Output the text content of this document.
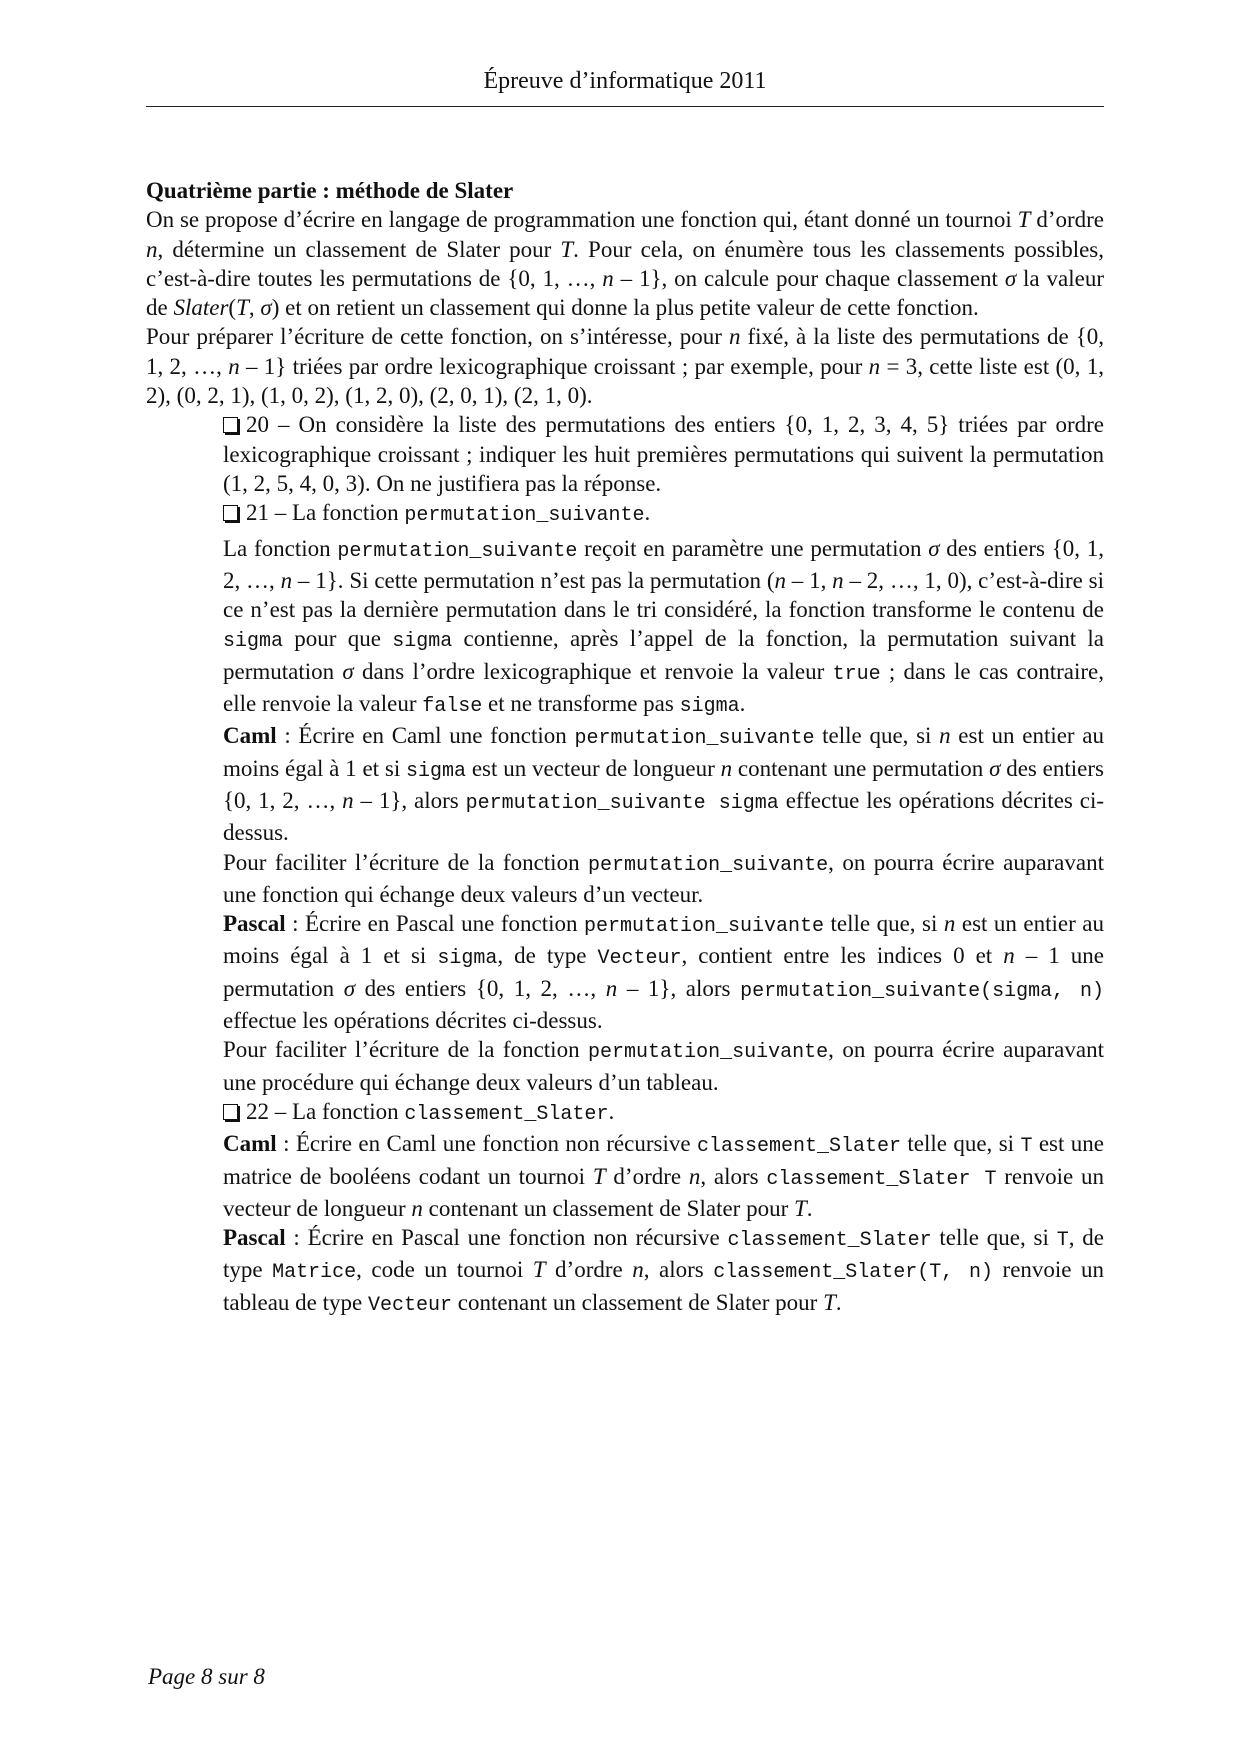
Épreuve d’informatique 2011

Quatrième partie : méthode de Slater

On se propose d’écrire en langage de programmation une fonction qui, étant donné un tournoi T d’ordre n, détermine un classement de Slater pour T. Pour cela, on énumère tous les classements possibles, c’est-à-dire toutes les permutations de {0, 1, …, n – 1}, on calcule pour chaque classement σ la valeur de Slater(T, σ) et on retient un classement qui donne la plus petite valeur de cette fonction.

Pour préparer l’écriture de cette fonction, on s’intéresse, pour n fixé, à la liste des permutations de {0, 1, 2, …, n – 1} triées par ordre lexicographique croissant ; par exemple, pour n = 3, cette liste est (0, 1, 2), (0, 2, 1), (1, 0, 2), (1, 2, 0), (2, 0, 1), (2, 1, 0).

20 – On considère la liste des permutations des entiers {0, 1, 2, 3, 4, 5} triées par ordre lexicographique croissant ; indiquer les huit premières permutations qui suivent la permutation (1, 2, 5, 4, 0, 3). On ne justifiera pas la réponse.

21 – La fonction permutation_suivante.

La fonction permutation_suivante reçoit en paramètre une permutation σ des entiers {0, 1, 2, …, n – 1}. Si cette permutation n’est pas la permutation (n – 1, n – 2, …, 1, 0), c’est-à-dire si ce n’est pas la dernière permutation dans le tri considéré, la fonction transforme le contenu de sigma pour que sigma contienne, après l’appel de la fonction, la permutation suivant la permutation σ dans l’ordre lexicographique et renvoie la valeur true ; dans le cas contraire, elle renvoie la valeur false et ne transforme pas sigma.

Caml : Écrire en Caml une fonction permutation_suivante telle que, si n est un entier au moins égal à 1 et si sigma est un vecteur de longueur n contenant une permutation σ des entiers {0, 1, 2, …, n – 1}, alors permutation_suivante sigma effectue les opérations décrites ci-dessus.

Pour faciliter l’écriture de la fonction permutation_suivante, on pourra écrire auparavant une fonction qui échange deux valeurs d’un vecteur.

Pascal : Écrire en Pascal une fonction permutation_suivante telle que, si n est un entier au moins égal à 1 et si sigma, de type Vecteur, contient entre les indices 0 et n – 1 une permutation σ des entiers {0, 1, 2, …, n – 1}, alors permutation_suivante(sigma, n) effectue les opérations décrites ci-dessus.

Pour faciliter l’écriture de la fonction permutation_suivante, on pourra écrire auparavant une procédure qui échange deux valeurs d’un tableau.

22 – La fonction classement_Slater.

Caml : Écrire en Caml une fonction non récursive classement_Slater telle que, si T est une matrice de booléens codant un tournoi T d’ordre n, alors classement_Slater T renvoie un vecteur de longueur n contenant un classement de Slater pour T.

Pascal : Écrire en Pascal une fonction non récursive classement_Slater telle que, si T, de type Matrice, code un tournoi T d’ordre n, alors classement_Slater(T, n) renvoie un tableau de type Vecteur contenant un classement de Slater pour T.

Page 8 sur 8
